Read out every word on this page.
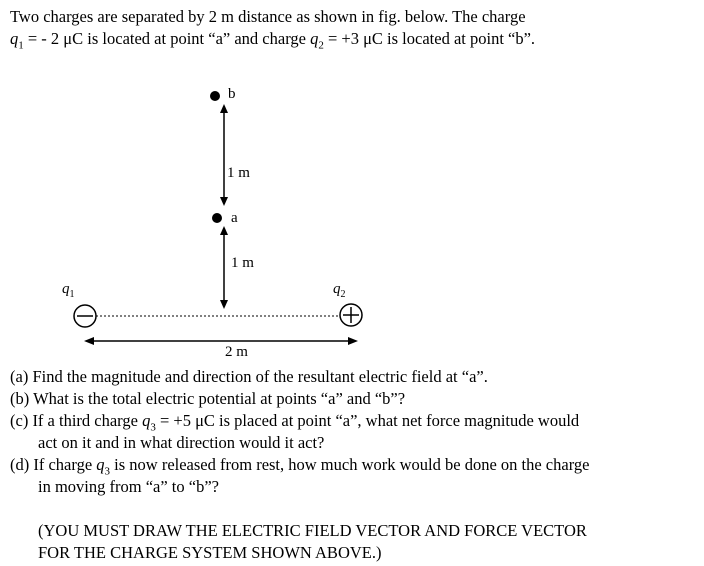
Two charges are separated by 2 m distance as shown in fig. below. The charge
$q_1$ = - 2 μC is located at point “a” and charge $q_2 = +3$ μC is located at point “b”.
b
a
1 m
1 m
2 m
$q_1$	$q_2$
(a) Find the magnitude and direction of the resultant electric field at “a”.
(b) What is the total electric potential at points “a” and “b”?
(c) If a third charge $q_3 = +5$ μC is placed at point “a”, what net force magnitude would
act on it and in what direction would it act?
(d) If charge $q_3$ is now released from rest, how much work would be done on the charge
in moving from “a” to “b”?
(YOU MUST DRAW THE ELECTRIC FIELD VECTOR AND FORCE VECTOR
FOR THE CHARGE SYSTEM SHOWN ABOVE.)
